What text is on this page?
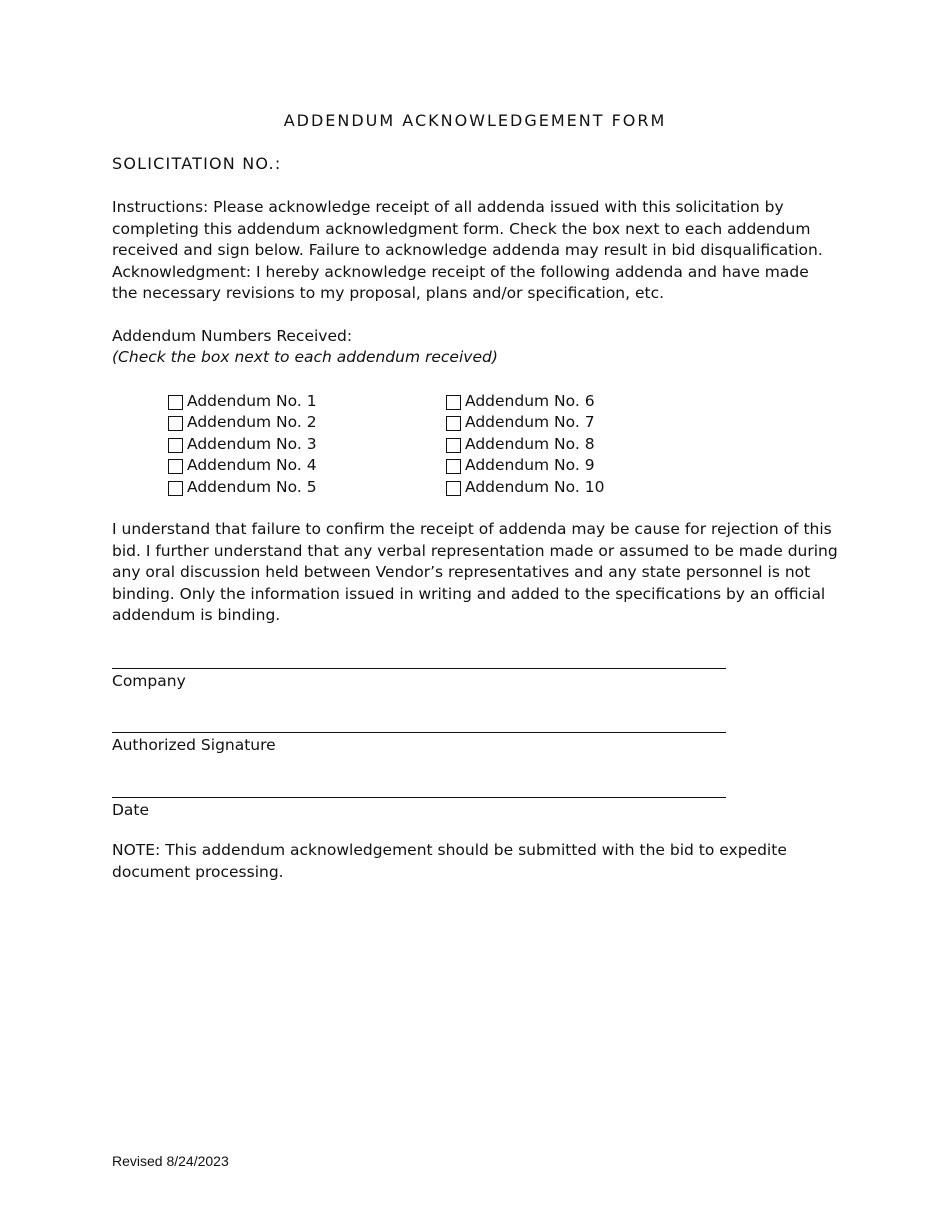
ADDENDUM ACKNOWLEDGEMENT FORM
SOLICITATION NO.:

Instructions: Please acknowledge receipt of all addenda issued with this solicitation by completing this addendum acknowledgment form. Check the box next to each addendum received and sign below. Failure to acknowledge addenda may result in bid disqualification.

Acknowledgment: I hereby acknowledge receipt of the following addenda and have made the necessary revisions to my proposal, plans and/or specification, etc.

Addendum Numbers Received:
(Check the box next to each addendum received)
Addendum No. 1
Addendum No. 2
Addendum No. 3
Addendum No. 4
Addendum No. 5
Addendum No. 6
Addendum No. 7
Addendum No. 8
Addendum No. 9
Addendum No. 10
I understand that failure to confirm the receipt of addenda may be cause for rejection of this bid. I further understand that any verbal representation made or assumed to be made during any oral discussion held between Vendor’s representatives and any state personnel is not binding. Only the information issued in writing and added to the specifications by an official addendum is binding.
Company
Authorized Signature
Date
NOTE: This addendum acknowledgement should be submitted with the bid to expedite document processing.
Revised 8/24/2023
